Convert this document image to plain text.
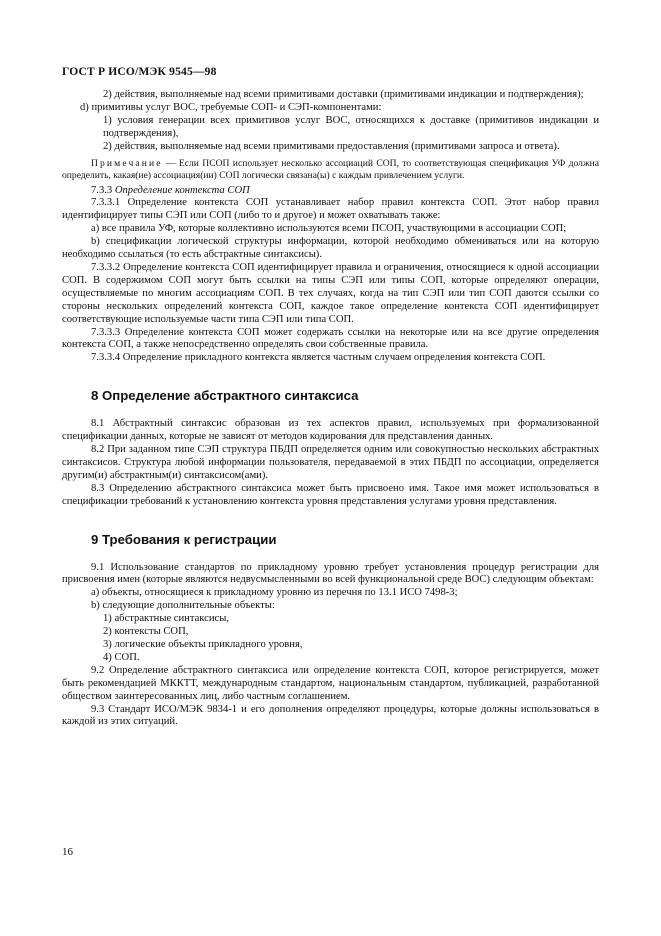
ГОСТ Р ИСО/МЭК 9545—98

2) действия, выполняемые над всеми примитивами доставки (примитивами индикации и подтверждения);

d) примитивы услуг ВОС, требуемые СОП- и СЭП-компонентами:

1) условия генерации всех примитивов услуг ВОС, относящихся к доставке (примитивов индикации и подтверждения),

2) действия, выполняемые над всеми примитивами предоставления (примитивами запроса и ответа).

Примечание — Если ПСОП использует несколько ассоциаций СОП, то соответствующая спецификация УФ должна определить, какая(ие) ассоциация(ии) СОП логически связана(ы) с каждым привлечением услуги.

7.3.3 Определение контекста СОП

7.3.3.1 Определение контекста СОП устанавливает набор правил контекста СОП. Этот набор правил идентифицирует типы СЭП или СОП (либо то и другое) и может охватывать также:

a) все правила УФ, которые коллективно используются всеми ПСОП, участвующими в ассоциации СОП;

b) спецификации логической структуры информации, которой необходимо обмениваться или на которую необходимо ссылаться (то есть абстрактные синтаксисы).

7.3.3.2 Определение контекста СОП идентифицирует правила и ограничения, относящиеся к одной ассоциации СОП. В содержимом СОП могут быть ссылки на типы СЭП или типы СОП, которые определяют операции, осуществляемые по многим ассоциациям СОП. В тех случаях, когда на тип СЭП или тип СОП даются ссылки со стороны нескольких определений контекста СОП, каждое такое определение контекста СОП идентифицирует соответствующие используемые части типа СЭП или типа СОП.

7.3.3.3 Определение контекста СОП может содержать ссылки на некоторые или на все другие определения контекста СОП, а также непосредственно определять свои собственные правила.

7.3.3.4 Определение прикладного контекста является частным случаем определения контекста СОП.

8 Определение абстрактного синтаксиса

8.1 Абстрактный синтаксис образован из тех аспектов правил, используемых при формализованной спецификации данных, которые не зависят от методов кодирования для представления данных.

8.2 При заданном типе СЭП структура ПБДП определяется одним или совокупностью нескольких абстрактных синтаксисов. Структура любой информации пользователя, передаваемой в этих ПБДП по ассоциации, определяется другим(и) абстрактным(и) синтаксисом(ами).

8.3 Определению абстрактного синтаксиса может быть присвоено имя. Такое имя может использоваться в спецификации требований к установлению контекста уровня представления услугами уровня представления.

9 Требования к регистрации

9.1 Использование стандартов по прикладному уровню требует установления процедур регистрации для присвоения имен (которые являются недвусмысленными во всей функциональной среде ВОС) следующим объектам:

a) объекты, относящиеся к прикладному уровню из перечня по 13.1 ИСО 7498-3;

b) следующие дополнительные объекты:

1) абстрактные синтаксисы,

2) контексты СОП,

3) логические объекты прикладного уровня,

4) СОП.

9.2 Определение абстрактного синтаксиса или определение контекста СОП, которое регистрируется, может быть рекомендацией МККТТ, международным стандартом, национальным стандартом, публикацией, разработанной обществом заинтересованных лиц, либо частным соглашением.

9.3 Стандарт ИСО/МЭК 9834-1 и его дополнения определяют процедуры, которые должны использоваться в каждой из этих ситуаций.

16
